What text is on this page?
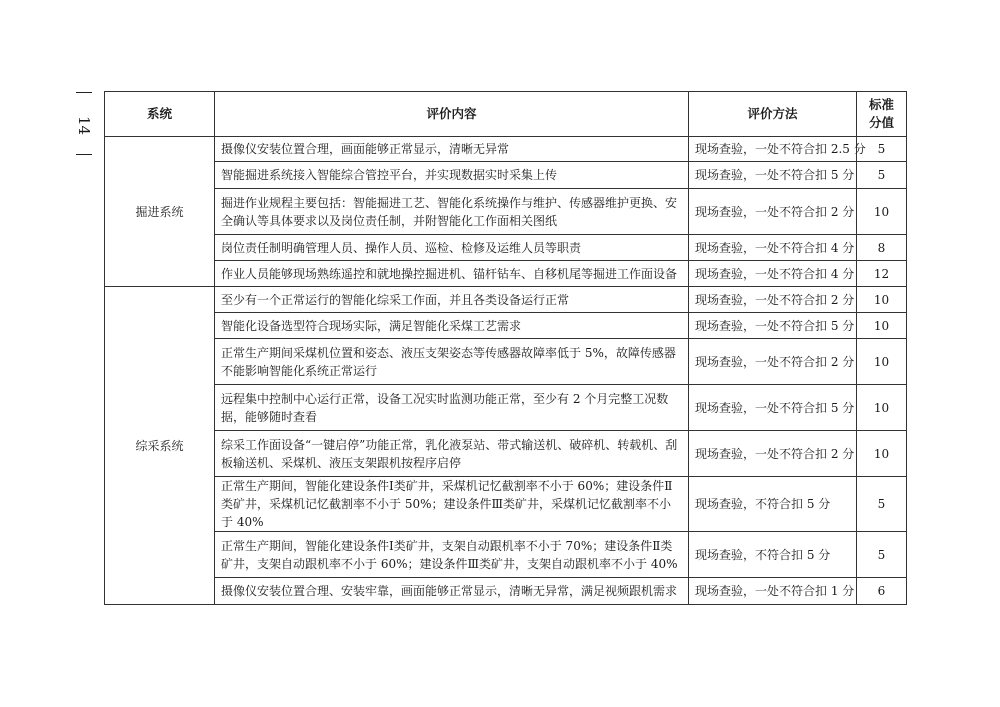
14
系统	评价内容	评价方法	标准分值
掘进系统	摄像仪安装位置合理，画面能够正常显示，清晰无异常	现场查验，一处不符合扣 2.5 分	5
	智能掘进系统接入智能综合管控平台，并实现数据实时采集上传	现场查验，一处不符合扣 5 分	5
	掘进作业规程主要包括：智能掘进工艺、智能化系统操作与维护、传感器维护更换、安全确认等具体要求以及岗位责任制，并附智能化工作面相关图纸	现场查验，一处不符合扣 2 分	10
	岗位责任制明确管理人员、操作人员、巡检、检修及运维人员等职责	现场查验，一处不符合扣 4 分	8
	作业人员能够现场熟练遥控和就地操控掘进机、锚杆钻车、自移机尾等掘进工作面设备	现场查验，一处不符合扣 4 分	12
综采系统	至少有一个正常运行的智能化综采工作面，并且各类设备运行正常	现场查验，一处不符合扣 2 分	10
	智能化设备选型符合现场实际，满足智能化采煤工艺需求	现场查验，一处不符合扣 5 分	10
	正常生产期间采煤机位置和姿态、液压支架姿态等传感器故障率低于 5%，故障传感器不能影响智能化系统正常运行	现场查验，一处不符合扣 2 分	10
	远程集中控制中心运行正常，设备工况实时监测功能正常，至少有 2 个月完整工况数据，能够随时查看	现场查验，一处不符合扣 5 分	10
	综采工作面设备“一键启停”功能正常，乳化液泵站、带式输送机、破碎机、转载机、刮板输送机、采煤机、液压支架跟机按程序启停	现场查验，一处不符合扣 2 分	10
	正常生产期间，智能化建设条件Ⅰ类矿井，采煤机记忆截割率不小于 60%；建设条件Ⅱ类矿井，采煤机记忆截割率不小于 50%；建设条件Ⅲ类矿井，采煤机记忆截割率不小于 40%	现场查验，不符合扣 5 分	5
	正常生产期间，智能化建设条件Ⅰ类矿井，支架自动跟机率不小于 70%；建设条件Ⅱ类矿井，支架自动跟机率不小于 60%；建设条件Ⅲ类矿井，支架自动跟机率不小于 40%	现场查验，不符合扣 5 分	5
	摄像仪安装位置合理、安装牢靠，画面能够正常显示，清晰无异常，满足视频跟机需求	现场查验，一处不符合扣 1 分	6
